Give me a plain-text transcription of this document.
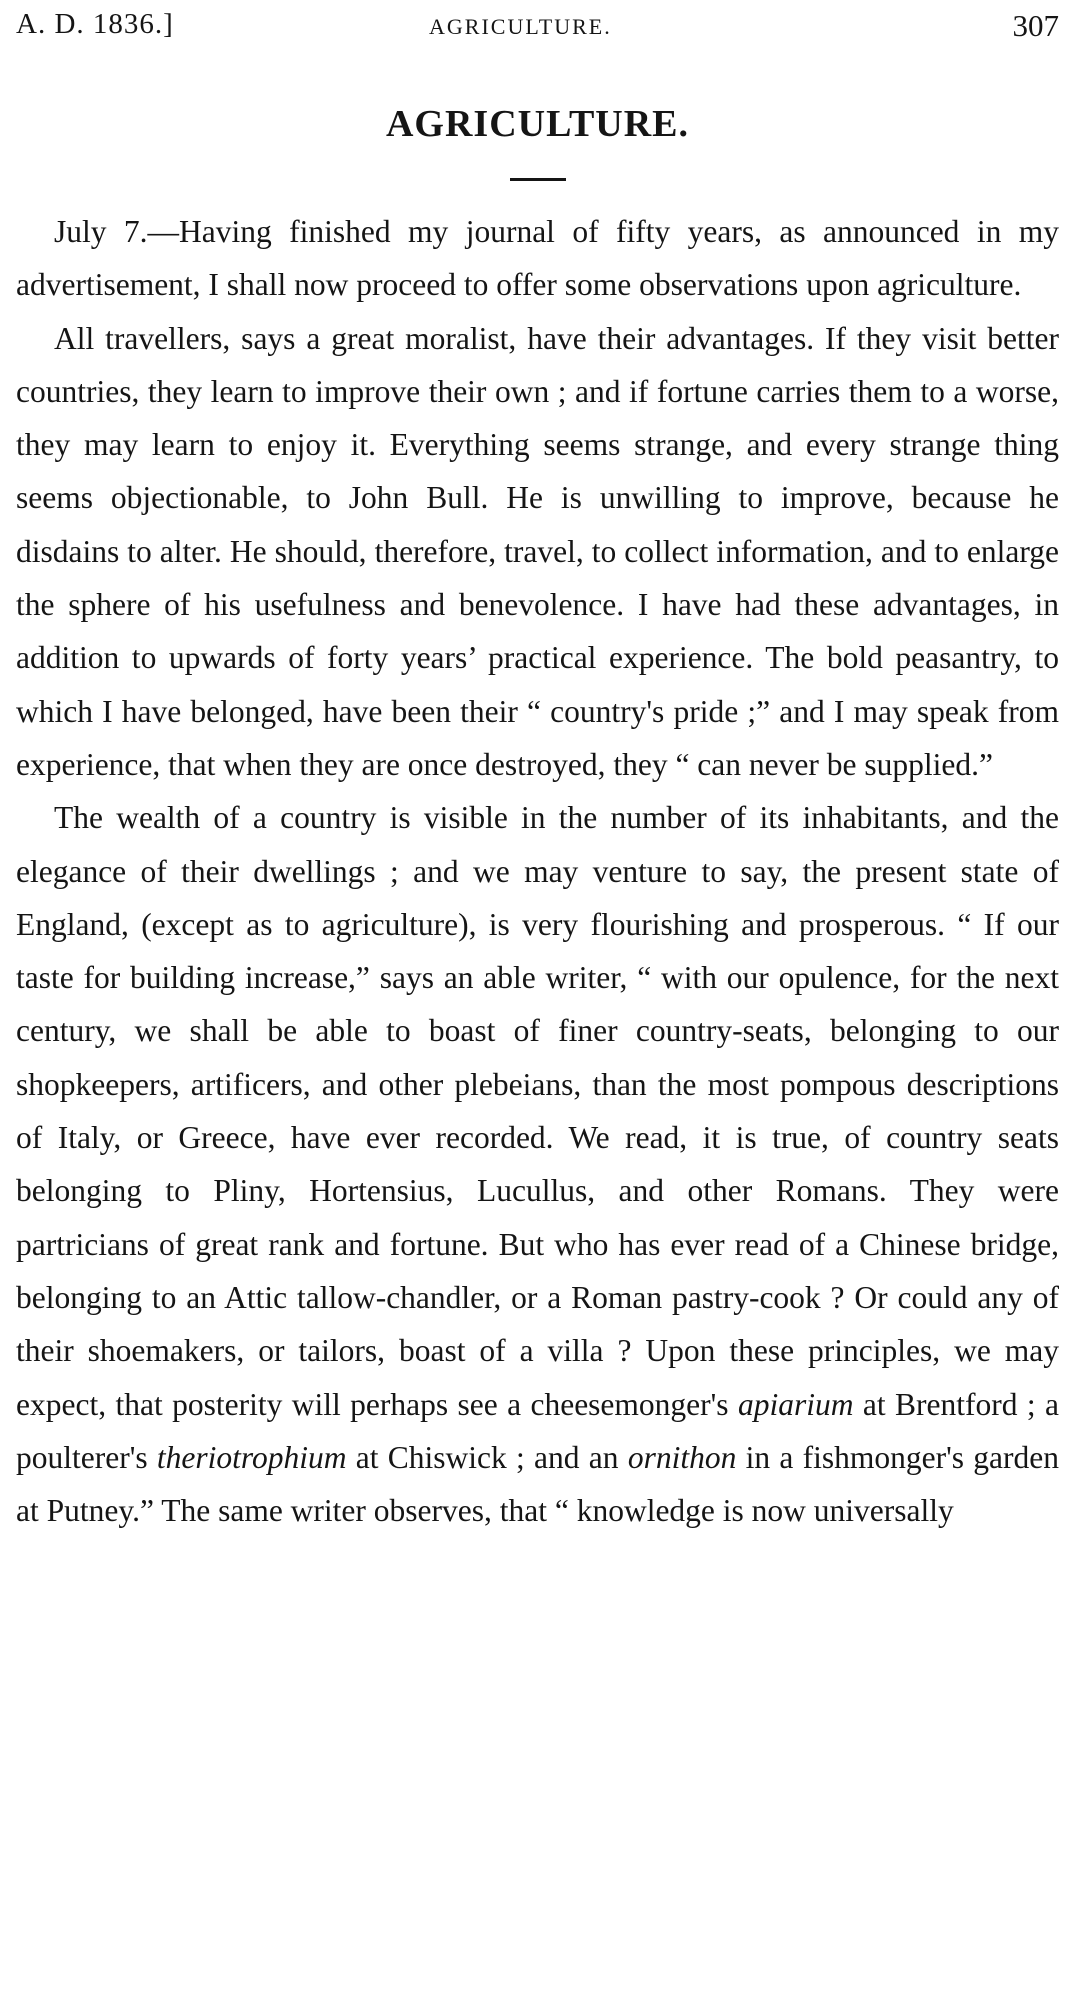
A. D. 1836.]	AGRICULTURE.	307
AGRICULTURE.

July 7.—Having finished my journal of fifty years, as announced in my advertisement, I shall now proceed to offer some observations upon agriculture.

All travellers, says a great moralist, have their advantages. If they visit better countries, they learn to improve their own ; and if fortune carries them to a worse, they may learn to enjoy it. Everything seems strange, and every strange thing seems objectionable, to John Bull. He is unwilling to improve, because he disdains to alter. He should, therefore, travel, to collect information, and to enlarge the sphere of his usefulness and benevolence. I have had these advantages, in addition to upwards of forty years’ practical experience. The bold peasantry, to which I have belonged, have been their “ country's pride ;” and I may speak from experience, that when they are once destroyed, they “ can never be supplied.”

The wealth of a country is visible in the number of its inhabitants, and the elegance of their dwellings ; and we may venture to say, the present state of England, (except as to agriculture), is very flourishing and prosperous. “ If our taste for building increase,” says an able writer, “ with our opulence, for the next century, we shall be able to boast of finer country-seats, belonging to our shopkeepers, artificers, and other plebeians, than the most pompous descriptions of Italy, or Greece, have ever recorded. We read, it is true, of country seats belonging to Pliny, Hortensius, Lucullus, and other Romans. They were partricians of great rank and fortune. But who has ever read of a Chinese bridge, belonging to an Attic tallow-chandler, or a Roman pastry-cook ? Or could any of their shoemakers, or tailors, boast of a villa ? Upon these principles, we may expect, that posterity will perhaps see a cheesemonger's apiarium at Brentford ; a poulterer's theriotrophium at Chiswick ; and an ornithon in a fishmonger's garden at Putney.” The same writer observes, that “ knowledge is now universally
